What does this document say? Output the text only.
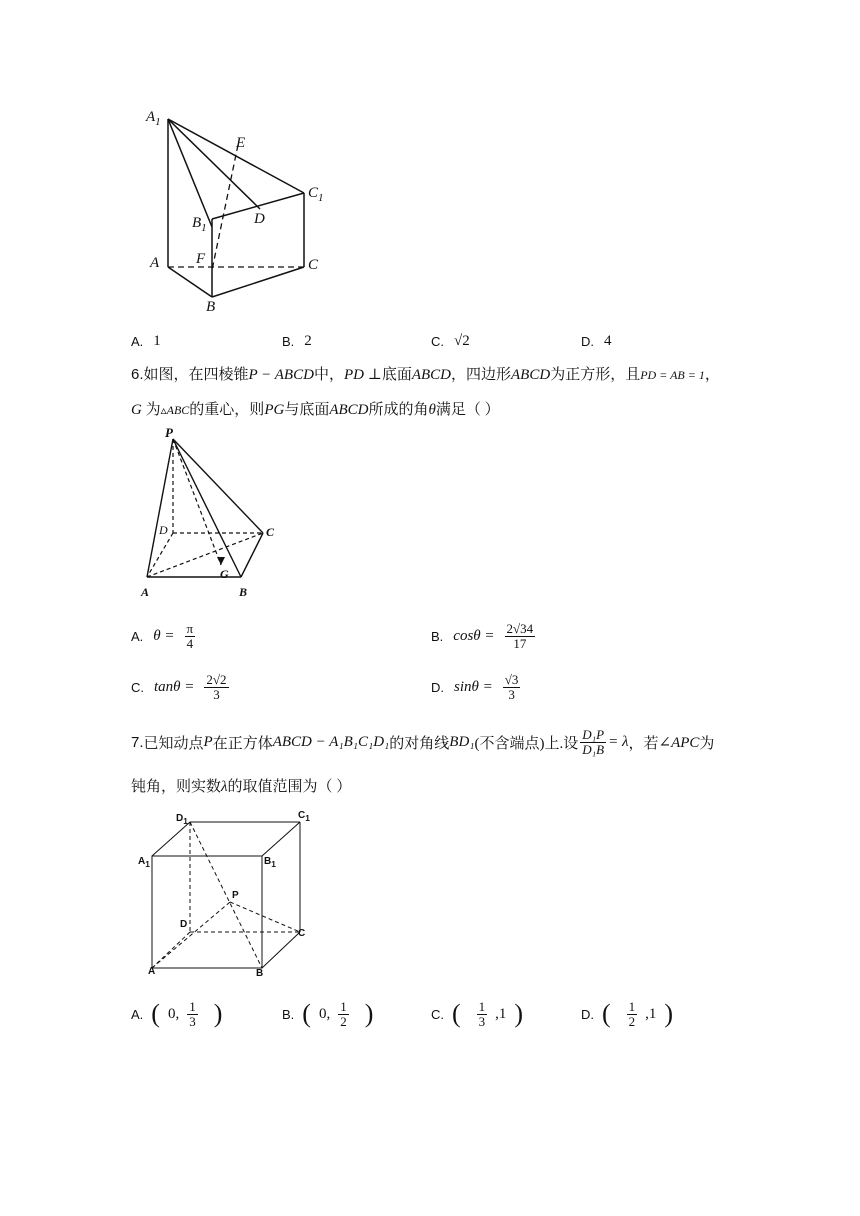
$A_1$
E
$C_1$
$B_1$
D
A F	C
B
A. 1	B. 2	C. √2	D. 4
6.如图，在四棱锥P − ABCD中，PD ⊥底面ABCD，四边形ABCD为正方形，且PD = AB = 1，
G 为▵ABC的重心，则PG与底面ABCD所成的角θ满足（ ）
P
D	C
A
G
B
A. $\theta = \frac{\pi}{4}$	B. $\cos\theta = \frac{2√34}{17}$
C. $\tan\theta = \frac{2√2}{3}$	D. $\sin\theta = \frac{√3}{3}$
7. 已知动点 P 在正方体 ABCD − A₁B₁C₁D₁ 的对角线 BD₁ (不含端点)上.设 $\frac{\text{D₁P}}{\text{D₁B}} = \lambda$ ，若 ∠APC 为
钝角，则实数λ的取值范围为（ ）
$D_1$	$C_1$
$A_1$	$B_1$
P
D
C
A	B
A. ( 0, $\frac{1}{3}$ )	B. ( 0, $\frac{1}{2}$ )	C. ( $\frac{1}{3} ,1$ )	D. ( $\frac{1}{2} ,1$ )
